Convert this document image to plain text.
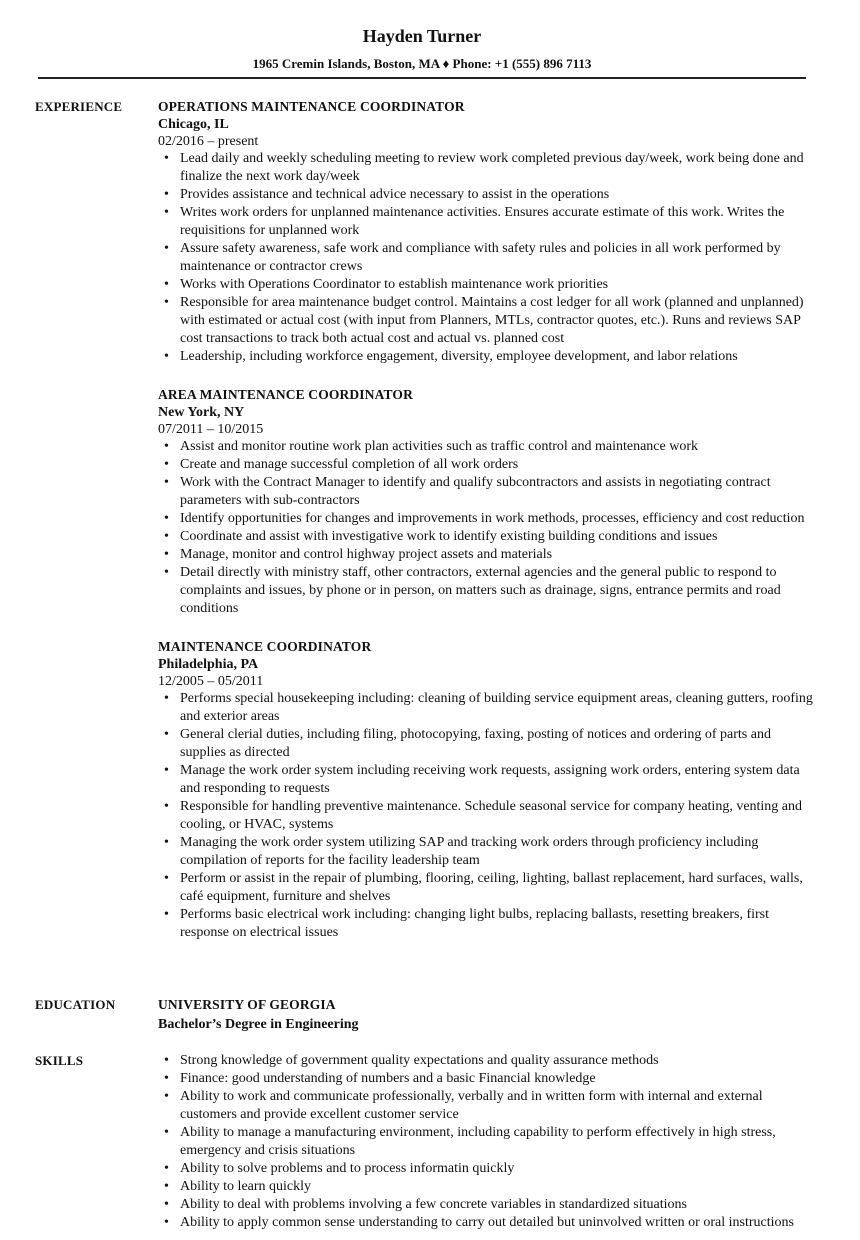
Hayden Turner
1965 Cremin Islands, Boston, MA ♦ Phone: +1 (555) 896 7113
EXPERIENCE	OPERATIONS MAINTENANCE COORDINATOR
Chicago, IL
02/2016 – present
• Lead daily and weekly scheduling meeting to review work completed previous day/week, work being done and finalize the next work day/week
• Provides assistance and technical advice necessary to assist in the operations
• Writes work orders for unplanned maintenance activities. Ensures accurate estimate of this work. Writes the requisitions for unplanned work
• Assure safety awareness, safe work and compliance with safety rules and policies in all work performed by maintenance or contractor crews
• Works with Operations Coordinator to establish maintenance work priorities
• Responsible for area maintenance budget control. Maintains a cost ledger for all work (planned and unplanned) with estimated or actual cost (with input from Planners, MTLs, contractor quotes, etc.). Runs and reviews SAP cost transactions to track both actual cost and actual vs. planned cost
• Leadership, including workforce engagement, diversity, employee development, and labor relations
AREA MAINTENANCE COORDINATOR
New York, NY
07/2011 – 10/2015
• Assist and monitor routine work plan activities such as traffic control and maintenance work
• Create and manage successful completion of all work orders
• Work with the Contract Manager to identify and qualify subcontractors and assists in negotiating contract parameters with sub-contractors
• Identify opportunities for changes and improvements in work methods, processes, efficiency and cost reduction
• Coordinate and assist with investigative work to identify existing building conditions and issues
• Manage, monitor and control highway project assets and materials
• Detail directly with ministry staff, other contractors, external agencies and the general public to respond to complaints and issues, by phone or in person, on matters such as drainage, signs, entrance permits and road conditions
MAINTENANCE COORDINATOR
Philadelphia, PA
12/2005 – 05/2011
• Performs special housekeeping including: cleaning of building service equipment areas, cleaning gutters, roofing and exterior areas
• General clerial duties, including filing, photocopying, faxing, posting of notices and ordering of parts and supplies as directed
• Manage the work order system including receiving work requests, assigning work orders, entering system data and responding to requests
• Responsible for handling preventive maintenance. Schedule seasonal service for company heating, venting and cooling, or HVAC, systems
• Managing the work order system utilizing SAP and tracking work orders through proficiency including compilation of reports for the facility leadership team
• Perform or assist in the repair of plumbing, flooring, ceiling, lighting, ballast replacement, hard surfaces, walls, café equipment, furniture and shelves
• Performs basic electrical work including: changing light bulbs, replacing ballasts, resetting breakers, first response on electrical issues
EDUCATION	UNIVERSITY OF GEORGIA
Bachelor’s Degree in Engineering
SKILLS
•	Strong knowledge of government quality expectations and quality assurance methods
• Finance: good understanding of numbers and a basic Financial knowledge
• Ability to work and communicate professionally, verbally and in written form with internal and external customers and provide excellent customer service
• Ability to manage a manufacturing environment, including capability to perform effectively in high stress, emergency and crisis situations
• Ability to solve problems and to process informatin quickly
• Ability to learn quickly
• Ability to deal with problems involving a few concrete variables in standardized situations
• Ability to apply common sense understanding to carry out detailed but uninvolved written or oral instructions
